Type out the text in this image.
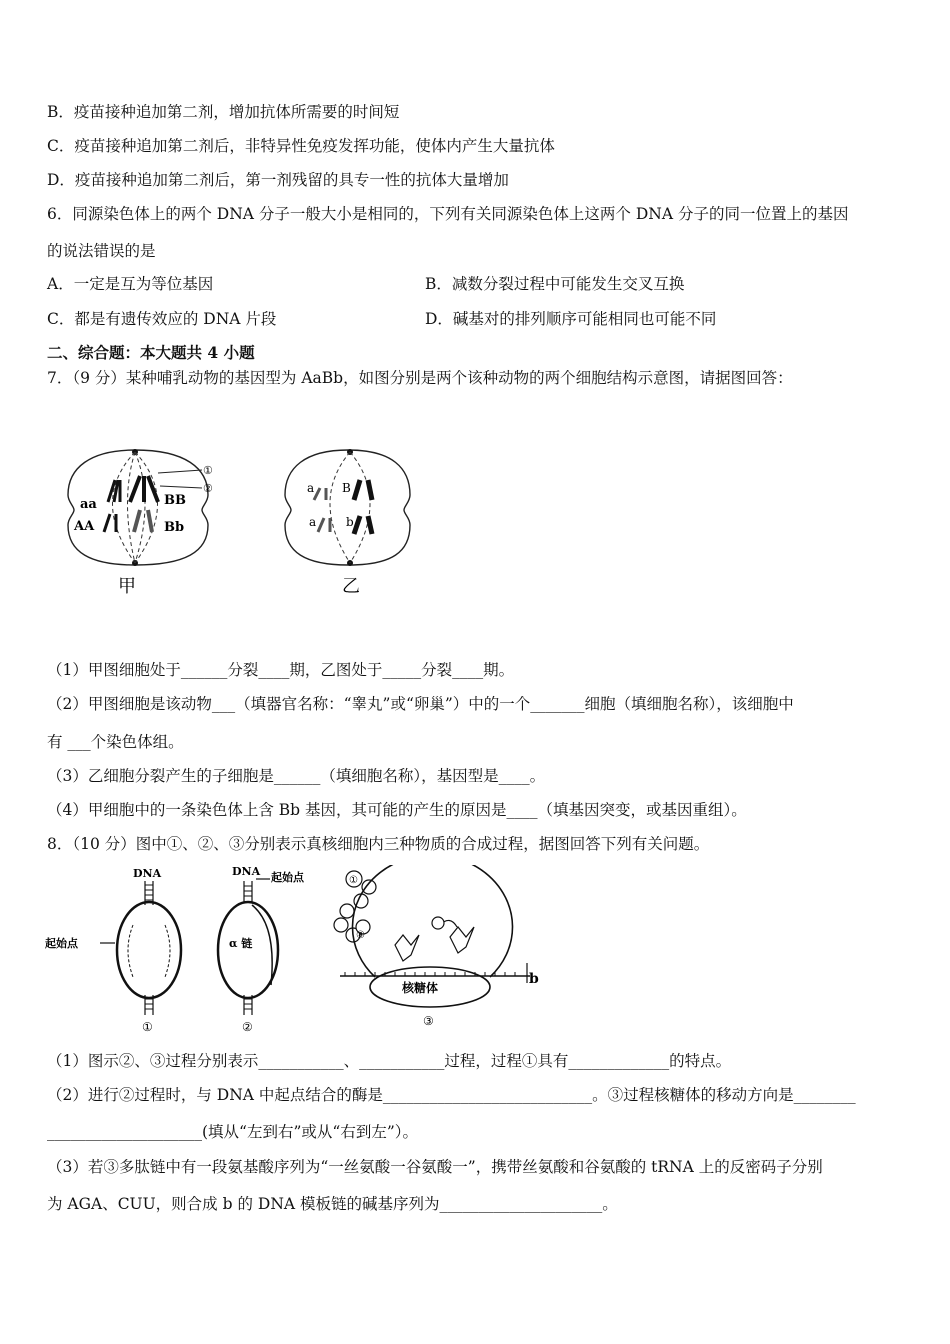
B．疫苗接种追加第二剂，增加抗体所需要的时间短
C．疫苗接种追加第二剂后，非特异性免疫发挥功能，使体内产生大量抗体
D．疫苗接种追加第二剂后，第一剂残留的具专一性的抗体大量增加
6．同源染色体上的两个 DNA 分子一般大小是相同的，下列有关同源染色体上这两个 DNA 分子的同一位置上的基因
的说法错误的是
A．一定是互为等位基因	B．减数分裂过程中可能发生交叉互换
C．都是有遗传效应的 DNA 片段	D．碱基对的排列顺序可能相同也可能不同
二、综合题：本大题共 4 小题
7．（9 分）某种哺乳动物的基因型为 AaBb，如图分别是两个该种动物的两个细胞结构示意图，请据图回答：
①
②
aa
AA
BB
Bb
甲
a B
a b
乙
（1）甲图细胞处于______分裂____期，乙图处于_____分裂____期。
（2）甲图细胞是该动物___（填器官名称：“睾丸”或“卵巢”）中的一个_______细胞（填细胞名称），该细胞中
有 ___个染色体组。
（3）乙细胞分裂产生的子细胞是______（填细胞名称），基因型是____。
（4）甲细胞中的一条染色体上含 Bb 基因，其可能的产生的原因是____（填基因突变，或基因重组）。
8．（10 分）图中①、②、③分别表示真核细胞内三种物质的合成过程，据图回答下列有关问题。
DNA
起始点
①
DNA 起始点
α 链
②
①
⑧
核糖体
③
b
（1）图示②、③过程分别表示___________、___________过程，过程①具有_____________的特点。
（2）进行②过程时，与 DNA 中起点结合的酶是___________________________。③过程核糖体的移动方向是________
____________________(填从“左到右”或从“右到左”）。
（3）若③多肽链中有一段氨基酸序列为“一丝氨酸一谷氨酸一”，携带丝氨酸和谷氨酸的 tRNA 上的反密码子分别
为 AGA、CUU，则合成 b 的 DNA 模板链的碱基序列为_____________________。
